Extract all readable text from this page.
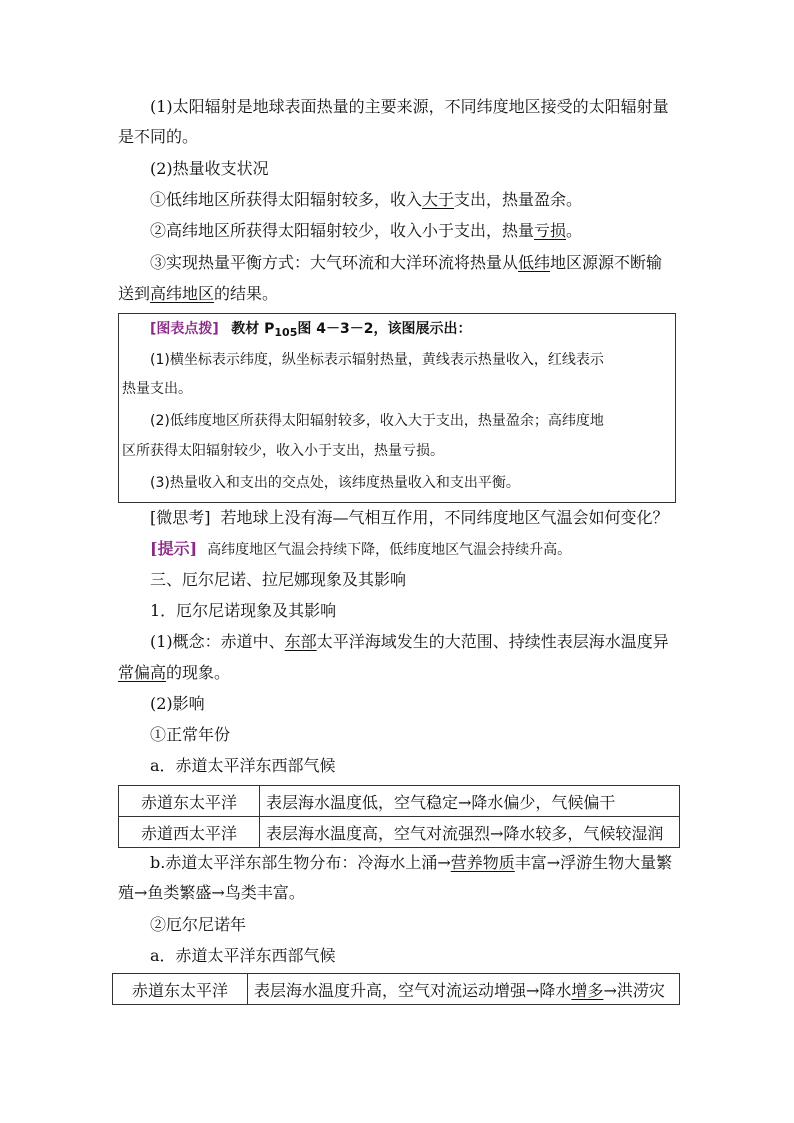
(1)太阳辐射是地球表面热量的主要来源，不同纬度地区接受的太阳辐射量
是不同的。
(2)热量收支状况
①低纬地区所获得太阳辐射较多，收入大于支出，热量盈余。
②高纬地区所获得太阳辐射较少，收入小于支出，热量亏损。
③实现热量平衡方式：大气环流和大洋环流将热量从低纬地区源源不断输
送到高纬地区的结果。
[图表点拨] 教材 $P_{105}$图 4－3－2，该图展示出：
(1)横坐标表示纬度，纵坐标表示辐射热量，黄线表示热量收入，红线表示
热量支出。
(2)低纬度地区所获得太阳辐射较多，收入大于支出，热量盈余；高纬度地
区所获得太阳辐射较少，收入小于支出，热量亏损。
(3)热量收入和支出的交点处，该纬度热量收入和支出平衡。
[微思考] 若地球上没有海—气相互作用，不同纬度地区气温会如何变化？
[提示] 高纬度地区气温会持续下降，低纬度地区气温会持续升高。
三、厄尔尼诺、拉尼娜现象及其影响
1．厄尔尼诺现象及其影响
(1)概念：赤道中、东部太平洋海域发生的大范围、持续性表层海水温度异
常偏高的现象。
(2)影响
①正常年份
a．赤道太平洋东西部气候
赤道东太平洋	表层海水温度低，空气稳定→降水偏少，气候偏干
赤道西太平洋	表层海水温度高，空气对流强烈→降水较多，气候较湿润
b.赤道太平洋东部生物分布：冷海水上涌→营养物质丰富→浮游生物大量繁
殖→鱼类繁盛→鸟类丰富。
②厄尔尼诺年
a．赤道太平洋东西部气候
赤道东太平洋	表层海水温度升高，空气对流运动增强→降水增多→洪涝灾
